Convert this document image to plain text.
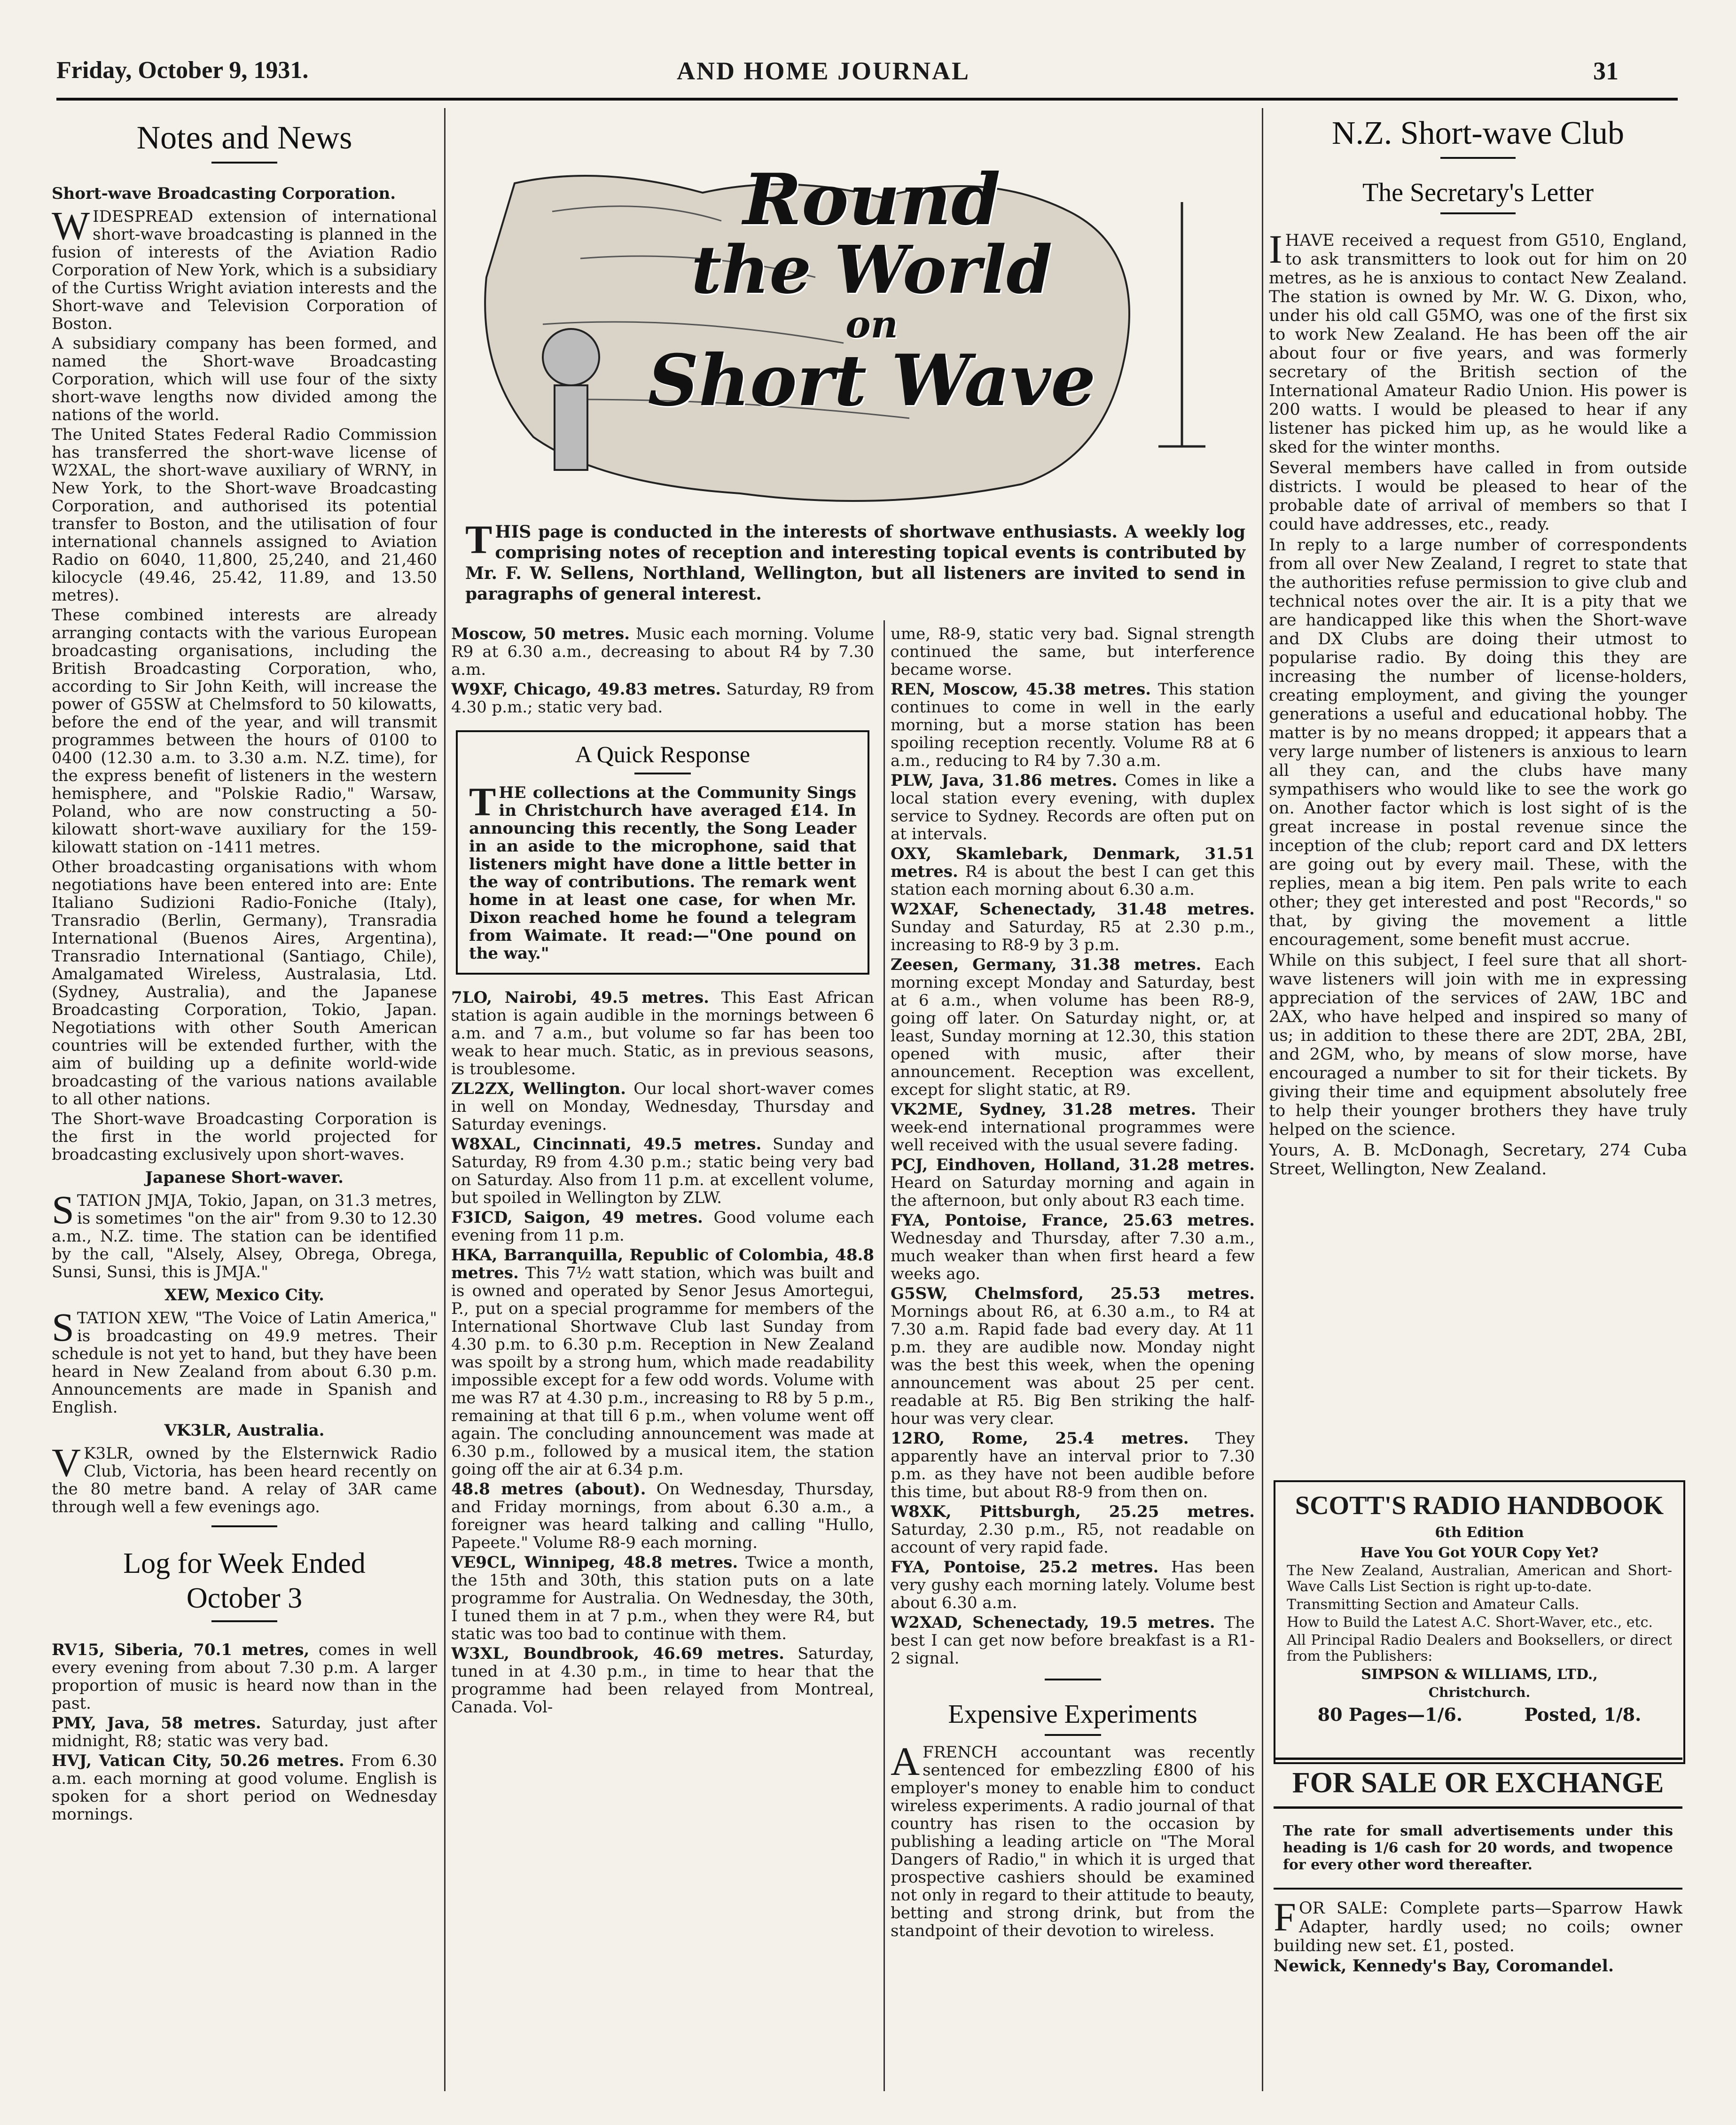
Friday, October 9, 1931.	AND HOME JOURNAL	31
Notes and News
Short-wave Broadcasting Corporation.

WIDESPREAD extension of international short-wave broadcasting is planned in the fusion of interests of the Aviation Radio Corporation of New York, which is a subsidiary of the Curtiss Wright aviation interests and the Short-wave and Television Corporation of Boston.

A subsidiary company has been formed, and named the Short-wave Broadcasting Corporation, which will use four of the sixty short-wave lengths now divided among the nations of the world.

The United States Federal Radio Commission has transferred the short-wave license of W2XAL, the short-wave auxiliary of WRNY, in New York, to the Short-wave Broadcasting Corporation, and authorised its potential transfer to Boston, and the utilisation of four international channels assigned to Aviation Radio on 6040, 11,800, 25,240, and 21,460 kilocycle (49.46, 25.42, 11.89, and 13.50 metres).

These combined interests are already arranging contacts with the various European broadcasting organisations, including the British Broadcasting Corporation, who, according to Sir John Keith, will increase the power of G5SW at Chelmsford to 50 kilowatts, before the end of the year, and will transmit programmes between the hours of 0100 to 0400 (12.30 a.m. to 3.30 a.m. N.Z. time), for the express benefit of listeners in the western hemisphere, and "Polskie Radio," Warsaw, Poland, who are now constructing a 50-kilowatt short-wave auxiliary for the 159-kilowatt station on -1411 metres.

Other broadcasting organisations with whom negotiations have been entered into are: Ente Italiano Sudizioni Radio-Foniche (Italy), Transradio (Berlin, Germany), Transradia International (Buenos Aires, Argentina), Transradio International (Santiago, Chile), Amalgamated Wireless, Australasia, Ltd. (Sydney, Australia), and the Japanese Broadcasting Corporation, Tokio, Japan. Negotiations with other South American countries will be extended further, with the aim of building up a definite world-wide broadcasting of the various nations available to all other nations.

The Short-wave Broadcasting Corporation is the first in the world projected for broadcasting exclusively upon short-waves.

Japanese Short-waver.

STATION JMJA, Tokio, Japan, on 31.3 metres, is sometimes "on the air" from 9.30 to 12.30 a.m., N.Z. time. The station can be identified by the call, "Alsely, Alsey, Obrega, Obrega, Sunsi, Sunsi, this is JMJA."

XEW, Mexico City.

STATION XEW, "The Voice of Latin America," is broadcasting on 49.9 metres. Their schedule is not yet to hand, but they have been heard in New Zealand from about 6.30 p.m. Announcements are made in Spanish and English.

VK3LR, Australia.

V K3LR, owned by the Elsternwick Radio Club, Victoria, has been heard recently on the 80 metre band. A relay of 3AR came through well a few evenings ago.

Log for Week Ended
October 3

RV15, Siberia, 70.1 metres, comes in well every evening from about 7.30 p.m. A larger proportion of music is heard now than in the past.

PMY, Java, 58 metres. Saturday, just after midnight, R8; static was very bad.

HVJ, Vatican City, 50.26 metres. From 6.30 a.m. each morning at good volume. English is spoken for a short period on Wednesday mornings.

Round
the World
on
Short Wave

THIS page is conducted in the interests of shortwave enthusiasts. A weekly log comprising notes of reception and interesting topical events is contributed by Mr. F. W. Sellens, Northland, Wellington, but all listeners are invited to send in paragraphs of general interest.

Moscow, 50 metres. Music each morning. Volume R9 at 6.30 a.m., decreasing to about R4 by 7.30 a.m.

W9XF, Chicago, 49.83 metres. Saturday, R9 from 4.30 p.m.; static very bad.

A Quick Response

THE collections at the Community Sings in Christchurch have averaged £14. In announcing this recently, the Song Leader in an aside to the microphone, said that listeners might have done a little better in the way of contributions. The remark went home in at least one case, for when Mr. Dixon reached home he found a telegram from Waimate. It read:—"One pound on the way."

7LO, Nairobi, 49.5 metres. This East African station is again audible in the mornings between 6 a.m. and 7 a.m., but volume so far has been too weak to hear much. Static, as in previous seasons, is troublesome.

ZL2ZX, Wellington. Our local short-waver comes in well on Monday, Wednesday, Thursday and Saturday evenings.

W8XAL, Cincinnati, 49.5 metres. Sunday and Saturday, R9 from 4.30 p.m.; static being very bad on Saturday. Also from 11 p.m. at excellent volume, but spoiled in Wellington by ZLW.

F3ICD, Saigon, 49 metres. Good volume each evening from 11 p.m.

HKA, Barranquilla, Republic of Colombia, 48.8 metres. This 7½ watt station, which was built and is owned and operated by Senor Jesus Amortegui, P., put on a special programme for members of the International Shortwave Club last Sunday from 4.30 p.m. to 6.30 p.m. Reception in New Zealand was spoilt by a strong hum, which made readability impossible except for a few odd words. Volume with me was R7 at 4.30 p.m., increasing to R8 by 5 p.m., remaining at that till 6 p.m., when volume went off again. The concluding announcement was made at 6.30 p.m., followed by a musical item, the station going off the air at 6.34 p.m.

48.8 metres (about). On Wednesday, Thursday, and Friday mornings, from about 6.30 a.m., a foreigner was heard talking and calling "Hullo, Papeete." Volume R8-9 each morning.

VE9CL, Winnipeg, 48.8 metres. Twice a month, the 15th and 30th, this station puts on a late programme for Australia. On Wednesday, the 30th, I tuned them in at 7 p.m., when they were R4, but static was too bad to continue with them.

W3XL, Boundbrook, 46.69 metres. Saturday, tuned in at 4.30 p.m., in time to hear that the programme had been relayed from Montreal, Canada. Vol-

ume, R8-9, static very bad. Signal strength continued the same, but interference became worse.

REN, Moscow, 45.38 metres. This station continues to come in well in the early morning, but a morse station has been spoiling reception recently. Volume R8 at 6 a.m., reducing to R4 by 7.30 a.m.

PLW, Java, 31.86 metres. Comes in like a local station every evening, with duplex service to Sydney. Records are often put on at intervals.

OXY, Skamlebark, Denmark, 31.51 metres. R4 is about the best I can get this station each morning about 6.30 a.m.

W2XAF, Schenectady, 31.48 metres. Sunday and Saturday, R5 at 2.30 p.m., increasing to R8-9 by 3 p.m.

Zeesen, Germany, 31.38 metres. Each morning except Monday and Saturday, best at 6 a.m., when volume has been R8-9, going off later. On Saturday night, or, at least, Sunday morning at 12.30, this station opened with music, after their announcement. Reception was excellent, except for slight static, at R9.

VK2ME, Sydney, 31.28 metres. Their week-end international programmes were well received with the usual severe fading.

PCJ, Eindhoven, Holland, 31.28 metres. Heard on Saturday morning and again in the afternoon, but only about R3 each time.

FYA, Pontoise, France, 25.63 metres. Wednesday and Thursday, after 7.30 a.m., much weaker than when first heard a few weeks ago.

G5SW, Chelmsford, 25.53 metres. Mornings about R6, at 6.30 a.m., to R4 at 7.30 a.m. Rapid fade bad every day. At 11 p.m. they are audible now. Monday night was the best this week, when the opening announcement was about 25 per cent. readable at R5. Big Ben striking the half-hour was very clear.

12RO, Rome, 25.4 metres. They apparently have an interval prior to 7.30 p.m. as they have not been audible before this time, but about R8-9 from then on.

W8XK, Pittsburgh, 25.25 metres. Saturday, 2.30 p.m., R5, not readable on account of very rapid fade.

FYA, Pontoise, 25.2 metres. Has been very gushy each morning lately. Volume best about 6.30 a.m.

W2XAD, Schenectady, 19.5 metres. The best I can get now before breakfast is a R1-2 signal.

Expensive Experiments

AFRENCH accountant was recently sentenced for embezzling £800 of his employer's money to enable him to conduct wireless experiments. A radio journal of that country has risen to the occasion by publishing a leading article on "The Moral Dangers of Radio," in which it is urged that prospective cashiers should be examined not only in regard to their attitude to beauty, betting and strong drink, but from the standpoint of their devotion to wireless.

N.Z. Short-wave Club
The Secretary's Letter

IHAVE received a request from G510, England, to ask transmitters to look out for him on 20 metres, as he is anxious to contact New Zealand. The station is owned by Mr. W. G. Dixon, who, under his old call G5MO, was one of the first six to work New Zealand. He has been off the air about four or five years, and was formerly secretary of the British section of the International Amateur Radio Union. His power is 200 watts. I would be pleased to hear if any listener has picked him up, as he would like a sked for the winter months.

Several members have called in from outside districts. I would be pleased to hear of the probable date of arrival of members so that I could have addresses, etc., ready.

In reply to a large number of correspondents from all over New Zealand, I regret to state that the authorities refuse permission to give club and technical notes over the air. It is a pity that we are handicapped like this when the Short-wave and DX Clubs are doing their utmost to popularise radio. By doing this they are increasing the number of license-holders, creating employment, and giving the younger generations a useful and educational hobby. The matter is by no means dropped; it appears that a very large number of listeners is anxious to learn all they can, and the clubs have many sympathisers who would like to see the work go on. Another factor which is lost sight of is the great increase in postal revenue since the inception of the club; report card and DX letters are going out by every mail. These, with the replies, mean a big item. Pen pals write to each other; they get interested and post "Records," so that, by giving the movement a little encouragement, some benefit must accrue.

While on this subject, I feel sure that all short-wave listeners will join with me in expressing appreciation of the services of 2AW, 1BC and 2AX, who have helped and inspired so many of us; in addition to these there are 2DT, 2BA, 2BI, and 2GM, who, by means of slow morse, have encouraged a number to sit for their tickets. By giving their time and equipment absolutely free to help their younger brothers they have truly helped on the science.

Yours, A. B. McDonagh, Secretary, 274 Cuba Street, Wellington, New Zealand.

SCOTT'S RADIO HANDBOOK
6th Edition
Have You Got YOUR Copy Yet?

The New Zealand, Australian, American and Short-Wave Calls List Section is right up-to-date.

Transmitting Section and Amateur Calls.

How to Build the Latest A.C. Short-Waver, etc., etc.

All Principal Radio Dealers and Booksellers, or direct from the Publishers:

SIMPSON & WILLIAMS, LTD.,
Christchurch.
80 Pages—1/6.	Posted, 1/8.
FOR SALE OR EXCHANGE

The rate for small advertisements under this heading is 1/6 cash for 20 words, and twopence for every other word thereafter.

FOR SALE: Complete parts—Sparrow Hawk Adapter, hardly used; no coils; owner building new set. £1, posted.

Newick, Kennedy's Bay, Coromandel.
